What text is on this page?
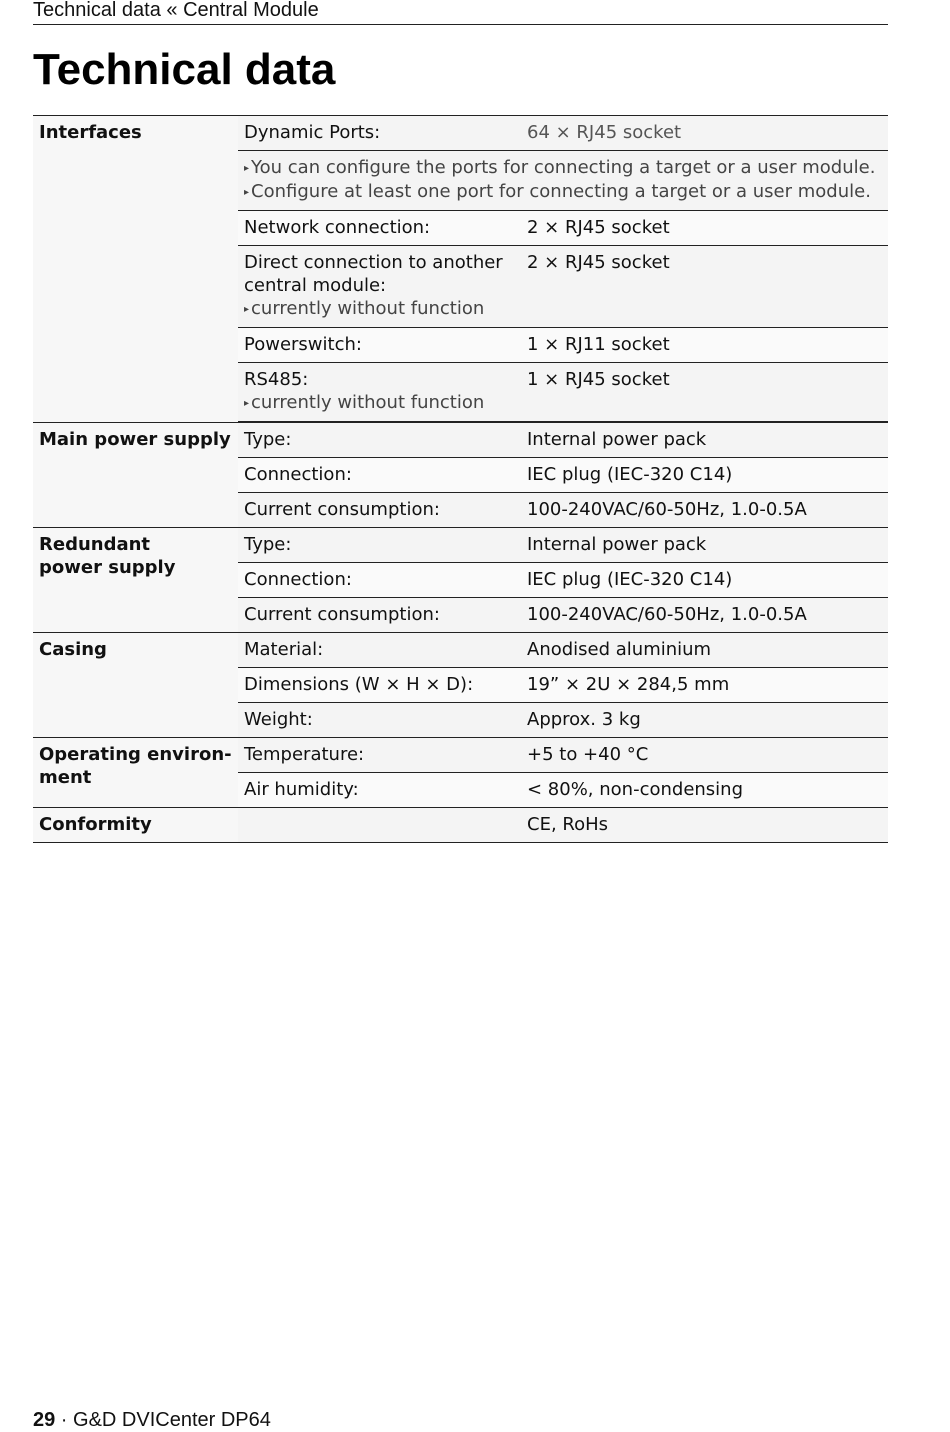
Technical data « Central Module
Technical data
Interfaces	Dynamic Ports:	64 × RJ45 socket

	▸ You can configure the ports for connecting a target or a user module.
▸ Configure at least one port for connecting a target or a user module.	

	Network connection:	2 × RJ45 socket

	Direct connection to another
central module:
▸ currently without function	2 × RJ45 socket
	Powerswitch:	1 × RJ11 socket

	RS485:
▸ currently without function	1 × RJ45 socket

Main power supply	Type:	Internal power pack
	Connection:	IEC plug (IEC-320 C14)
	Current consumption:	100-240VAC/60-50Hz, 1.0-0.5A

Redundant
power supply	Type:	Internal power pack
	Connection:	IEC plug (IEC-320 C14)
	Current consumption:	100-240VAC/60-50Hz, 1.0-0.5A
Casing	Material:	Anodised aluminium
	Dimensions (W × H × D):	19” × 2U × 284,5 mm
	Weight:	Approx. 3 kg

Operating environ-
ment	Temperature:	+5 to +40 °C
	Air humidity:	< 80%, non-condensing
Conformity		CE, RoHs
29 · G&D DVICenter DP64
